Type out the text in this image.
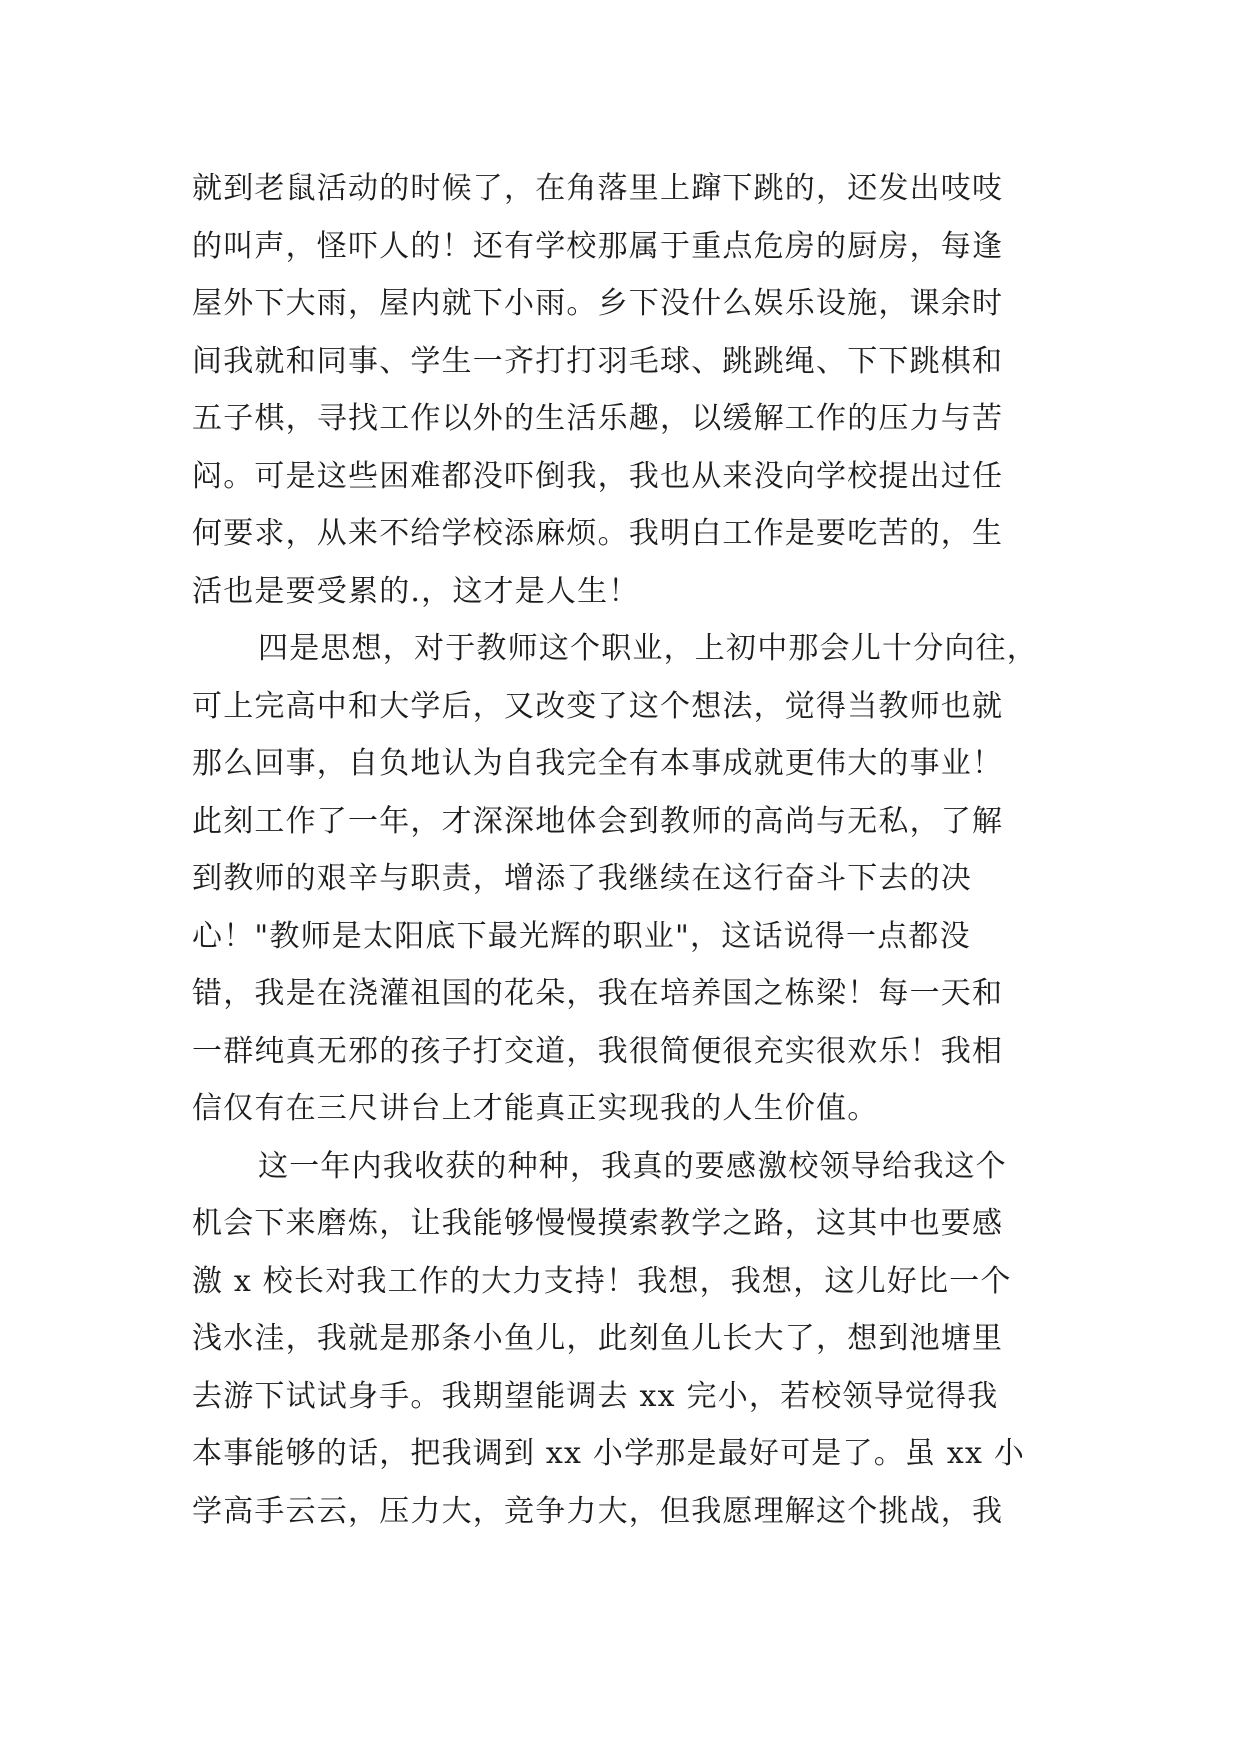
就到老鼠活动的时候了，在角落里上蹿下跳的，还发出吱吱
的叫声，怪吓人的！还有学校那属于重点危房的厨房，每逢
屋外下大雨，屋内就下小雨。乡下没什么娱乐设施，课余时
间我就和同事、学生一齐打打羽毛球、跳跳绳、下下跳棋和
五子棋，寻找工作以外的生活乐趣，以缓解工作的压力与苦
闷。可是这些困难都没吓倒我，我也从来没向学校提出过任
何要求，从来不给学校添麻烦。我明白工作是要吃苦的，生
活也是要受累的.，这才是人生！
四是思想，对于教师这个职业，上初中那会儿十分向往，
可上完高中和大学后，又改变了这个想法，觉得当教师也就
那么回事，自负地认为自我完全有本事成就更伟大的事业！
此刻工作了一年，才深深地体会到教师的高尚与无私，了解
到教师的艰辛与职责，增添了我继续在这行奋斗下去的决
心！"教师是太阳底下最光辉的职业"，这话说得一点都没
错，我是在浇灌祖国的花朵，我在培养国之栋梁！每一天和
一群纯真无邪的孩子打交道，我很简便很充实很欢乐！我相
信仅有在三尺讲台上才能真正实现我的人生价值。
这一年内我收获的种种，我真的要感激校领导给我这个
机会下来磨炼，让我能够慢慢摸索教学之路，这其中也要感
激 x 校长对我工作的大力支持！我想，我想，这儿好比一个
浅水洼，我就是那条小鱼儿，此刻鱼儿长大了，想到池塘里
去游下试试身手。我期望能调去 xx 完小，若校领导觉得我
本事能够的话，把我调到 xx 小学那是最好可是了。虽 xx 小
学高手云云，压力大，竞争力大，但我愿理解这个挑战，我
